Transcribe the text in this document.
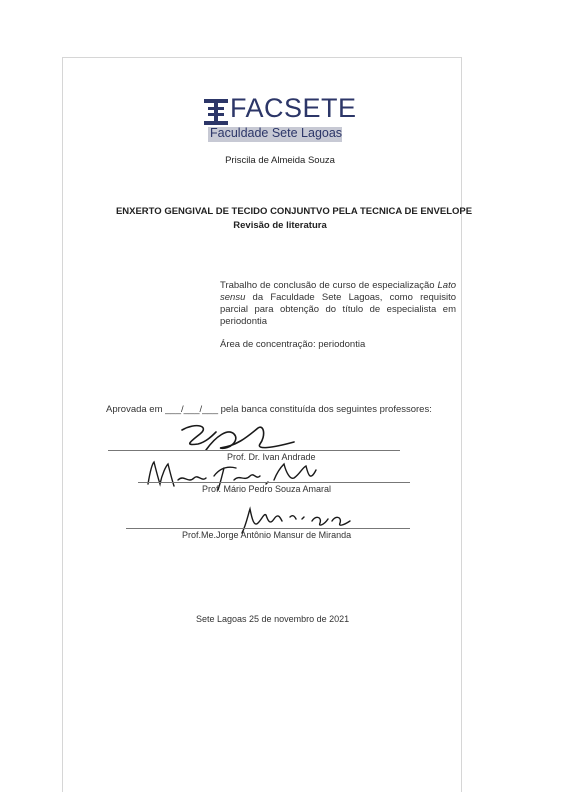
FACSETE
Faculdade Sete Lagoas
Priscila de Almeida Souza
ENXERTO GENGIVAL DE TECIDO CONJUNTVO PELA TECNICA DE ENVELOPE
Revisão de literatura
Trabalho de conclusão de curso de especialização Lato sensu da Faculdade Sete Lagoas, como requisito parcial para obtenção do título de especialista em periodontia
Área de concentração: periodontia
Aprovada em ___/___/___ pela banca constituída dos seguintes professores:
Prof. Dr. Ivan Andrade
Prof. Mário Pedro Souza Amaral
Prof.Me.Jorge Antônio Mansur de Miranda
Sete Lagoas 25 de novembro de 2021
